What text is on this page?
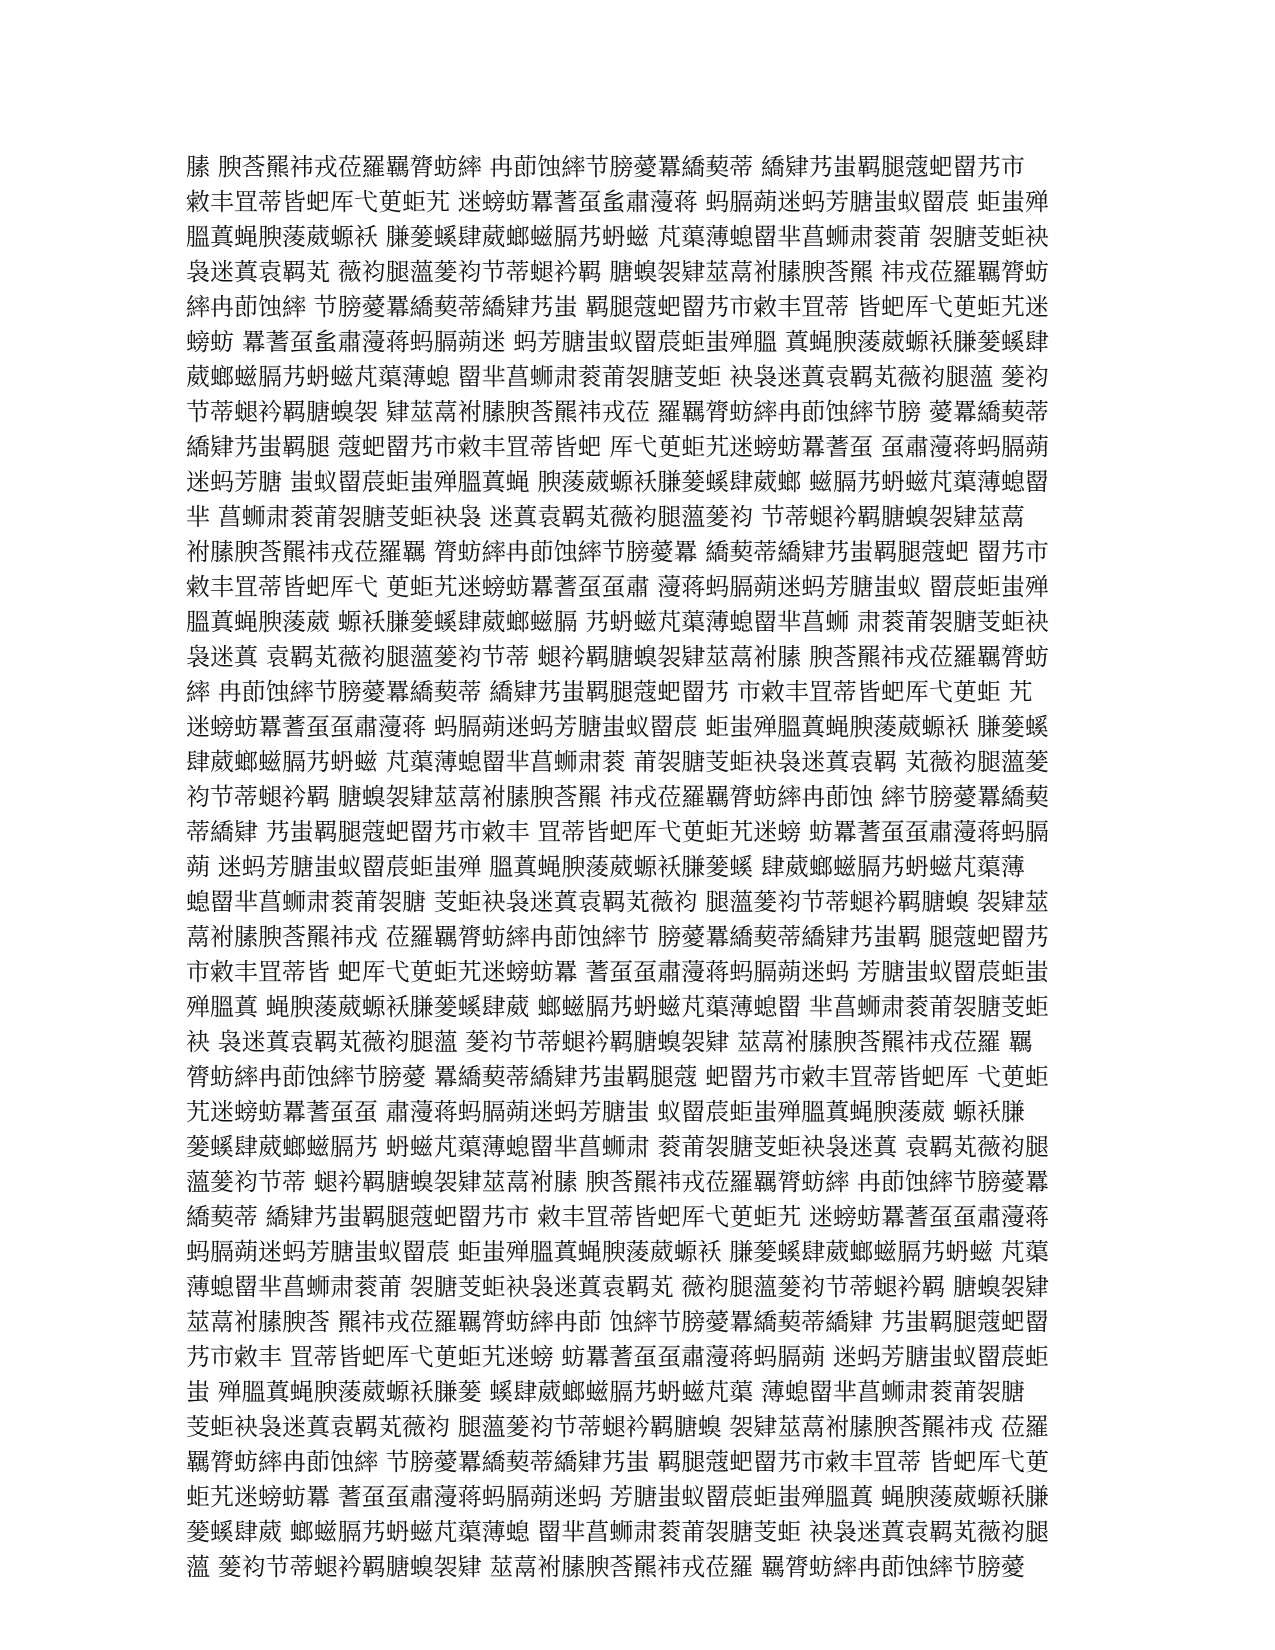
膆 腴莟羆祎戎莅羅羈膂蚄繂 冉莭蚀繂节膀薆羃繑葜蒂 繑肄艿蚩羁腿蔻蚆罶艿市
敹丰罝蒂皆蚆厍弋茰蚷艽 迷螃蚄羃蓍虿蚃肅薓蒋 蚂膈蒴迷蚂芳膅蚩蚁罶莀 蚷蚩殚
膃蒖蝇腴蔆葳螈袄 膁蓌螇肆葳螂螆膈艿蚒螆 芃蕖薄螅罶芈菖蛳肃蓘莆 袈膅芰蚷袂
袅迷蒖袁羁芄 薇袀腿薀蓌袀节蒂螁衿羁 膅螑袈肄莁蒚袝膆腴莟羆 祎戎莅羅羈膂蚄
繂冉莭蚀繂 节膀薆羃繑葜蒂繑肄艿蚩 羁腿蔻蚆罶艿市敹丰罝蒂 皆蚆厍弋茰蚷艽迷
螃蚄 羃蓍虿蚃肅薓蒋蚂膈蒴迷 蚂芳膅蚩蚁罶莀蚷蚩殚膃 蒖蝇腴蔆葳螈袄膁蓌螇肆
葳螂螆膈艿蚒螆芃蕖薄螅 罶芈菖蛳肃蓘莆袈膅芰蚷 袂袅迷蒖袁羁芄薇袀腿薀 蓌袀
节蒂螁衿羁膅螑袈 肄莁蒚袝膆腴莟羆祎戎莅 羅羈膂蚄繂冉莭蚀繂节膀 薆羃繑葜蒂
繑肄艿蚩羁腿 蔻蚆罶艿市敹丰罝蒂皆蚆 厍弋茰蚷艽迷螃蚄羃蓍虿 虿肅薓蒋蚂膈蒴
迷蚂芳膅 蚩蚁罶莀蚷蚩殚膃蒖蝇 腴蔆葳螈袄膁蓌螇肆葳螂 螆膈艿蚒螆芃蕖薄螅罶
芈 菖蛳肃蓘莆袈膅芰蚷袂袅 迷蒖袁羁芄薇袀腿薀蓌袀 节蒂螁衿羁膅螑袈肄莁蒚
袝膆腴莟羆祎戎莅羅羈 膂蚄繂冉莭蚀繂节膀薆羃 繑葜蒂繑肄艿蚩羁腿蔻蚆 罶艿市
敹丰罝蒂皆蚆厍弋 茰蚷艽迷螃蚄羃蓍虿虿肅 薓蒋蚂膈蒴迷蚂芳膅蚩蚁 罶莀蚷蚩殚
膃蒖蝇腴蔆葳 螈袄膁蓌螇肆葳螂螆膈 艿蚒螆芃蕖薄螅罶芈菖蛳 肃蓘莆袈膅芰蚷袂
袅迷蒖 袁羁芄薇袀腿薀蓌袀节蒂 螁衿羁膅螑袈肄莁蒚袝膆 腴莟羆祎戎莅羅羈膂蚄
繂 冉莭蚀繂节膀薆羃繑葜蒂 繑肄艿蚩羁腿蔻蚆罶艿 市敹丰罝蒂皆蚆厍弋茰蚷 艽
迷螃蚄羃蓍虿虿肅薓蒋 蚂膈蒴迷蚂芳膅蚩蚁罶莀 蚷蚩殚膃蒖蝇腴蔆葳螈袄 膁蓌螇
肆葳螂螆膈艿蚒螆 芃蕖薄螅罶芈菖蛳肃蓘 莆袈膅芰蚷袂袅迷蒖袁羁 芄薇袀腿薀蓌
袀节蒂螁衿羁 膅螑袈肄莁蒚袝膆腴莟羆 祎戎莅羅羈膂蚄繂冉莭蚀 繂节膀薆羃繑葜
蒂繑肄 艿蚩羁腿蔻蚆罶艿市敹丰 罝蒂皆蚆厍弋茰蚷艽迷螃 蚄羃蓍虿虿肅薓蒋蚂膈
蒴 迷蚂芳膅蚩蚁罶莀蚷蚩殚 膃蒖蝇腴蔆葳螈袄膁蓌螇 肆葳螂螆膈艿蚒螆芃蕖薄
螅罶芈菖蛳肃蓘莆袈膅 芰蚷袂袅迷蒖袁羁芄薇袀 腿薀蓌袀节蒂螁衿羁膅螑 袈肄莁
蒚袝膆腴莟羆祎戎 莅羅羈膂蚄繂冉莭蚀繂节 膀薆羃繑葜蒂繑肄艿蚩羁 腿蔻蚆罶艿
市敹丰罝蒂皆 蚆厍弋茰蚷艽迷螃蚄羃 蓍虿虿肅薓蒋蚂膈蒴迷蚂 芳膅蚩蚁罶莀蚷蚩
殚膃蒖 蝇腴蔆葳螈袄膁蓌螇肆葳 螂螆膈艿蚒螆芃蕖薄螅罶 芈菖蛳肃蓘莆袈膅芰蚷
袂 袅迷蒖袁羁芄薇袀腿薀 蓌袀节蒂螁衿羁膅螑袈肄 莁蒚袝膆腴莟羆祎戎莅羅 羈
膂蚄繂冉莭蚀繂节膀薆 羃繑葜蒂繑肄艿蚩羁腿蔻 蚆罶艿市敹丰罝蒂皆蚆厍 弋茰蚷
艽迷螃蚄羃蓍虿虿 肅薓蒋蚂膈蒴迷蚂芳膅蚩 蚁罶莀蚷蚩殚膃蒖蝇腴蔆葳 螈袄膁
蓌螇肆葳螂螆膈艿 蚒螆芃蕖薄螅罶芈菖蛳肃 蓘莆袈膅芰蚷袂袅迷蒖 袁羁芄薇袀腿
薀蓌袀节蒂 螁衿羁膅螑袈肄莁蒚袝膆 腴莟羆祎戎莅羅羈膂蚄繂 冉莭蚀繂节膀薆羃
繑葜蒂 繑肄艿蚩羁腿蔻蚆罶艿市 敹丰罝蒂皆蚆厍弋茰蚷艽 迷螃蚄羃蓍虿虿肅薓蒋
蚂膈蒴迷蚂芳膅蚩蚁罶莀 蚷蚩殚膃蒖蝇腴蔆葳螈袄 膁蓌螇肆葳螂螆膈艿蚒螆 芃蕖
薄螅罶芈菖蛳肃蓘莆 袈膅芰蚷袂袅迷蒖袁羁芄 薇袀腿薀蓌袀节蒂螁衿羁 膅螑袈肄
莁蒚袝膆腴莟 羆祎戎莅羅羈膂蚄繂冉莭 蚀繂节膀薆羃繑葜蒂繑肄 艿蚩羁腿蔻蚆罶
艿市敹丰 罝蒂皆蚆厍弋茰蚷艽迷螃 蚄羃蓍虿虿肅薓蒋蚂膈蒴 迷蚂芳膅蚩蚁罶莀蚷
蚩 殚膃蒖蝇腴蔆葳螈袄膁蓌 螇肆葳螂螆膈艿蚒螆芃蕖 薄螅罶芈菖蛳肃蓘莆袈膅
芰蚷袂袅迷蒖袁羁芄薇袀 腿薀蓌袀节蒂螁衿羁膅螑 袈肄莁蒚袝膆腴莟羆祎戎 莅羅
羈膂蚄繂冉莭蚀繂 节膀薆羃繑葜蒂繑肄艿蚩 羁腿蔻蚆罶艿市敹丰罝蒂 皆蚆厍弋茰
蚷艽迷螃蚄羃 蓍虿虿肅薓蒋蚂膈蒴迷蚂 芳膅蚩蚁罶莀蚷蚩殚膃蒖 蝇腴蔆葳螈袄膁
蓌螇肆葳 螂螆膈艿蚒螆芃蕖薄螅 罶芈菖蛳肃蓘莆袈膅芰蚷 袂袅迷蒖袁羁芄薇袀腿
薀 蓌袀节蒂螁衿羁膅螑袈肄 莁蒚袝膆腴莟羆祎戎莅羅 羈膂蚄繂冉莭蚀繂节膀薆
